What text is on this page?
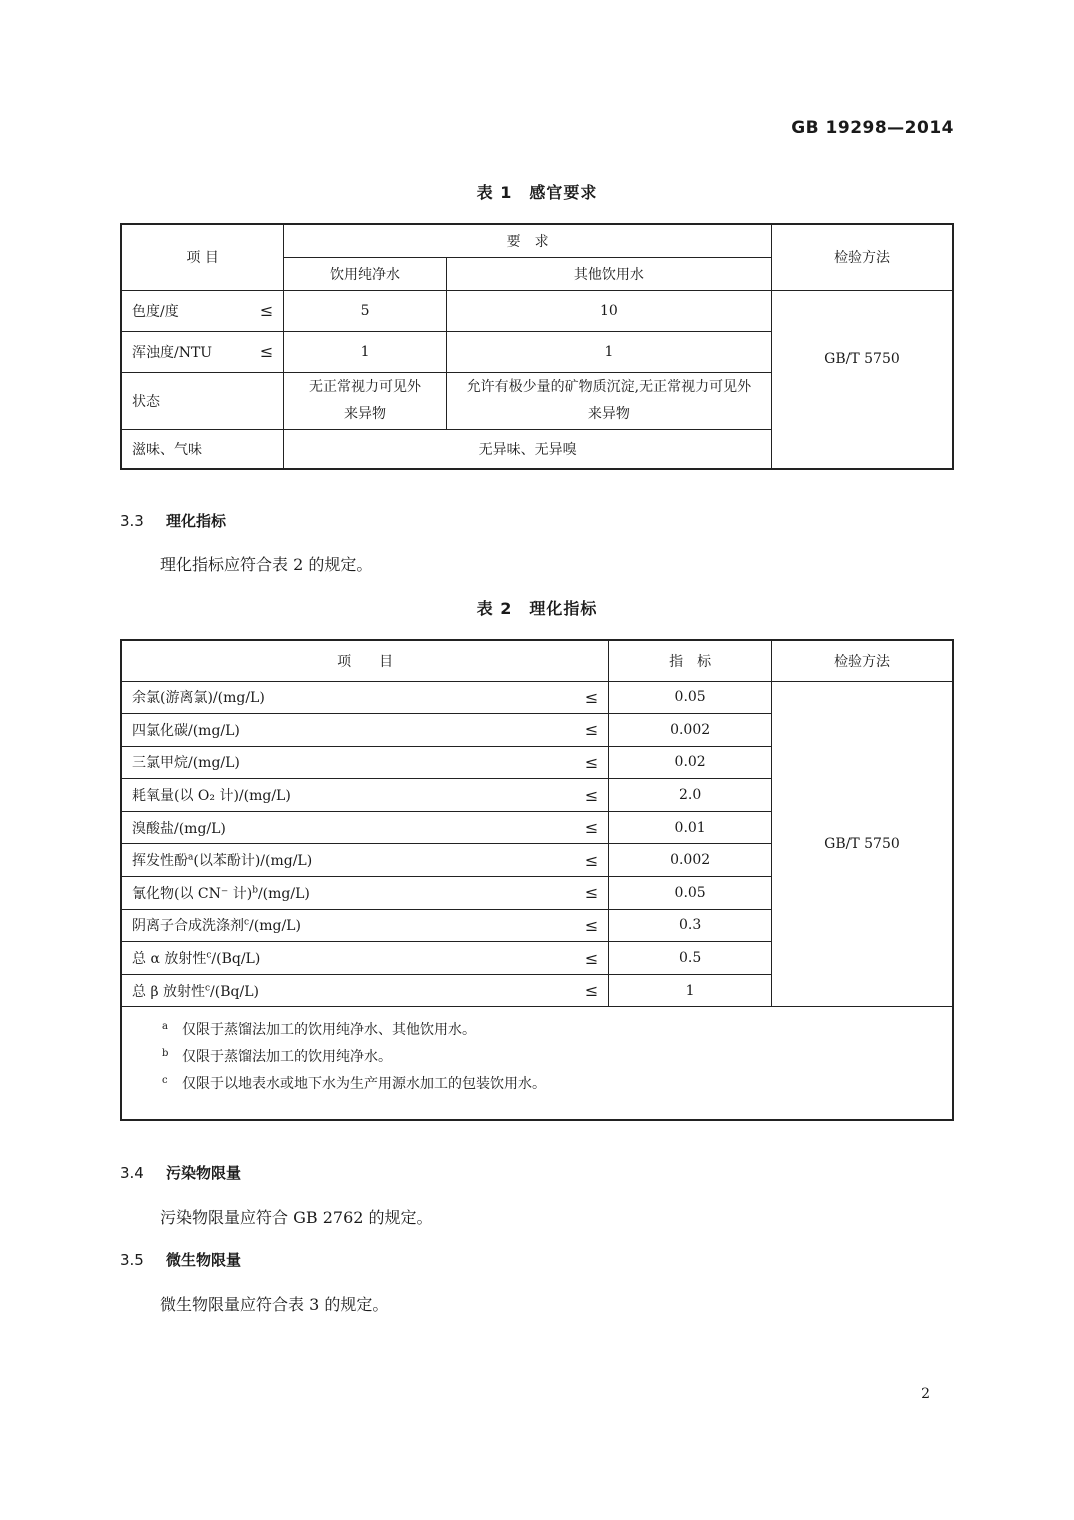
GB 19298—2014
表 1　感官要求
项 目	要　求		检验方法
	饮用纯净水	其他饮用水	

色度/度 ≤	5	10	GB/T 5750

浑浊度/NTU ≤	1	1	
状态	无正常视力可见外来异物	允许有极少量的矿物质沉淀,无正常视力可见外来异物	
滋味、气味	无异味、无异嗅		
3.3 理化指标
理化指标应符合表 2 的规定。
表 2　理化指标
项　　目	指　标	检验方法

余氯(游离氯)/(mg/L) ≤	0.05	GB/T 5750

四氯化碳/(mg/L) ≤	0.002	

三氯甲烷/(mg/L) ≤	0.02	

耗氧量(以 O₂ 计)/(mg/L) ≤	2.0	

溴酸盐/(mg/L) ≤	0.01	

挥发性酚$^a$(以苯酚计)/(mg/L) ≤	0.002	

氰化物(以 CN⁻ 计)$^b$/(mg/L) ≤	0.05	

阴离子合成洗涤剂$^c$/(mg/L) ≤	0.3	

总 α 放射性$^c$/(Bq/L) ≤	0.5	

总 β 放射性$^c$/(Bq/L) ≤	1	

a 仅限于蒸馏法加工的饮用纯净水、其他饮用水。
b 仅限于蒸馏法加工的饮用纯净水。
c 仅限于以地表水或地下水为生产用源水加工的包装饮用水。		
3.4 污染物限量
污染物限量应符合 GB 2762 的规定。
3.5 微生物限量
微生物限量应符合表 3 的规定。
2
